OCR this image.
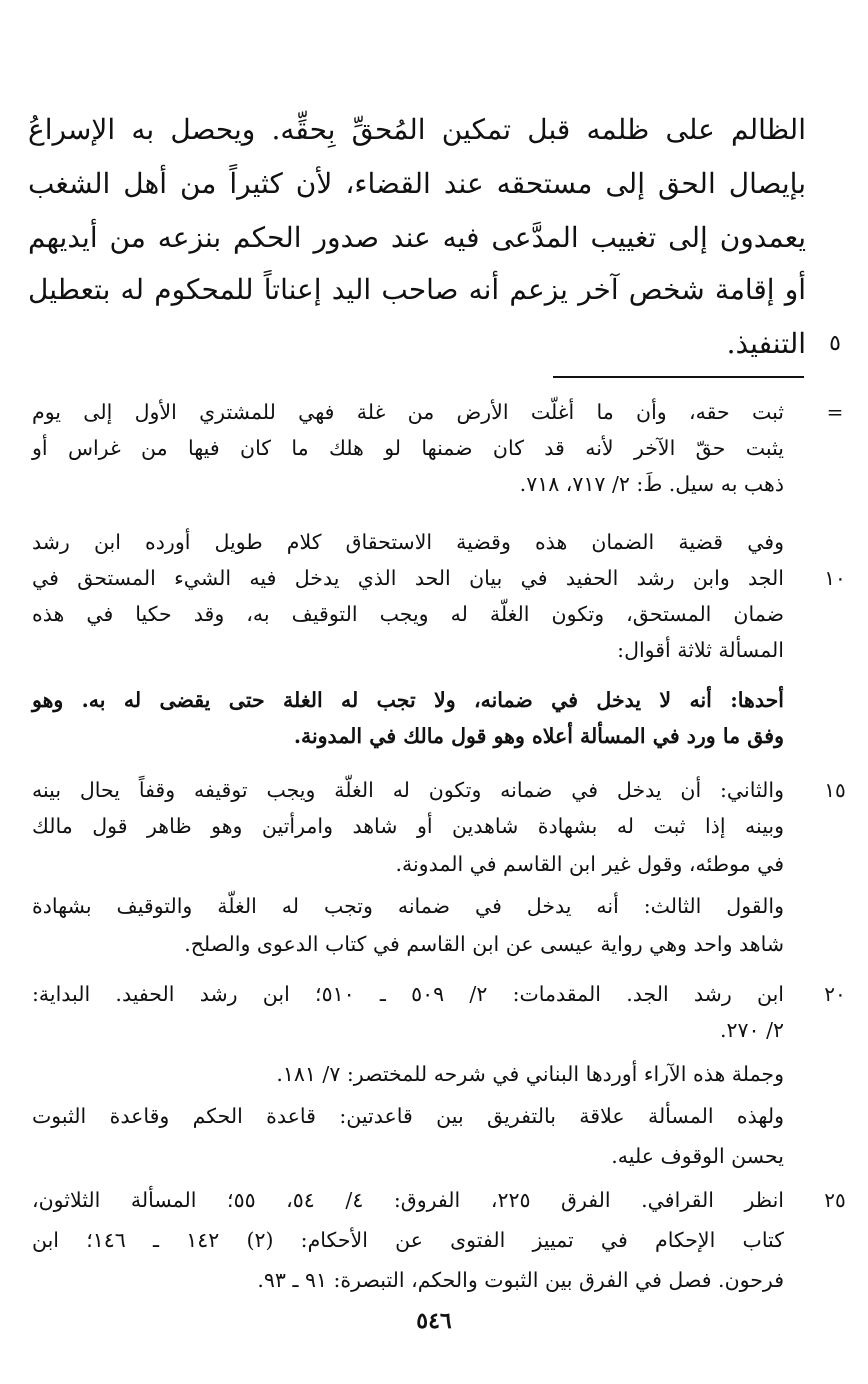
الظالم على ظلمه قبل تمكين المُحقِّ بِحقِّه. ويحصل به الإسراعُ
بإيصال الحق إلى مستحقه عند القضاء، لأن كثيراً من أهل الشغب
يعمدون إلى تغييب المدَّعى فيه عند صدور الحكم بنزعه من أيديهم
أو إقامة شخص آخر يزعم أنه صاحب اليد إعناتاً للمحكوم له بتعطيل
التنفيذ.	٥
=
ثبت حقه، وأن ما أغلّت الأرض من غلة فهي للمشتري الأول إلى يوم
يثبت حقّ الآخر لأنه قد كان ضمنها لو هلك ما كان فيها من غراس أو
ذهب به سيل. طَ: ٢/ ٧١٧، ٧١٨.
وفي قضية الضمان هذه وقضية الاستحقاق كلام طويل أورده ابن رشد
الجد وابن رشد الحفيد في بيان الحد الذي يدخل فيه الشيء المستحق في	١٠
ضمان المستحق، وتكون الغلّة له ويجب التوقيف به، وقد حكيا في هذه
المسألة ثلاثة أقوال:
أحدها: أنه لا يدخل في ضمانه، ولا تجب له الغلة حتى يقضى له به. وهو
وفق ما ورد في المسألة أعلاه وهو قول مالك في المدونة.
والثاني: أن يدخل في ضمانه وتكون له الغلّة ويجب توقيفه وقفاً يحال بينه	١٥
وبينه إذا ثبت له بشهادة شاهدين أو شاهد وامرأتين وهو ظاهر قول مالك
في موطئه، وقول غير ابن القاسم في المدونة.
والقول الثالث: أنه يدخل في ضمانه وتجب له الغلّة والتوقيف بشهادة
شاهد واحد وهي رواية عيسى عن ابن القاسم في كتاب الدعوى والصلح.
ابن رشد الجد. المقدمات: ٢/ ٥٠٩ ـ ٥١٠؛ ابن رشد الحفيد. البداية:	٢٠
٢/ ٢٧٠.
وجملة هذه الآراء أوردها البناني في شرحه للمختصر: ٧/ ١٨١.
ولهذه المسألة علاقة بالتفريق بين قاعدتين: قاعدة الحكم وقاعدة الثبوت
يحسن الوقوف عليه.
انظر القرافي. الفرق ٢٢٥، الفروق: ٤/ ٥٤، ٥٥؛ المسألة الثلاثون،	٢٥
كتاب الإحكام في تمييز الفتوى عن الأحكام: (٢) ١٤٢ ـ ١٤٦؛ ابن
فرحون. فصل في الفرق بين الثبوت والحكم، التبصرة: ٩١ ـ ٩٣.
٥٤٦
